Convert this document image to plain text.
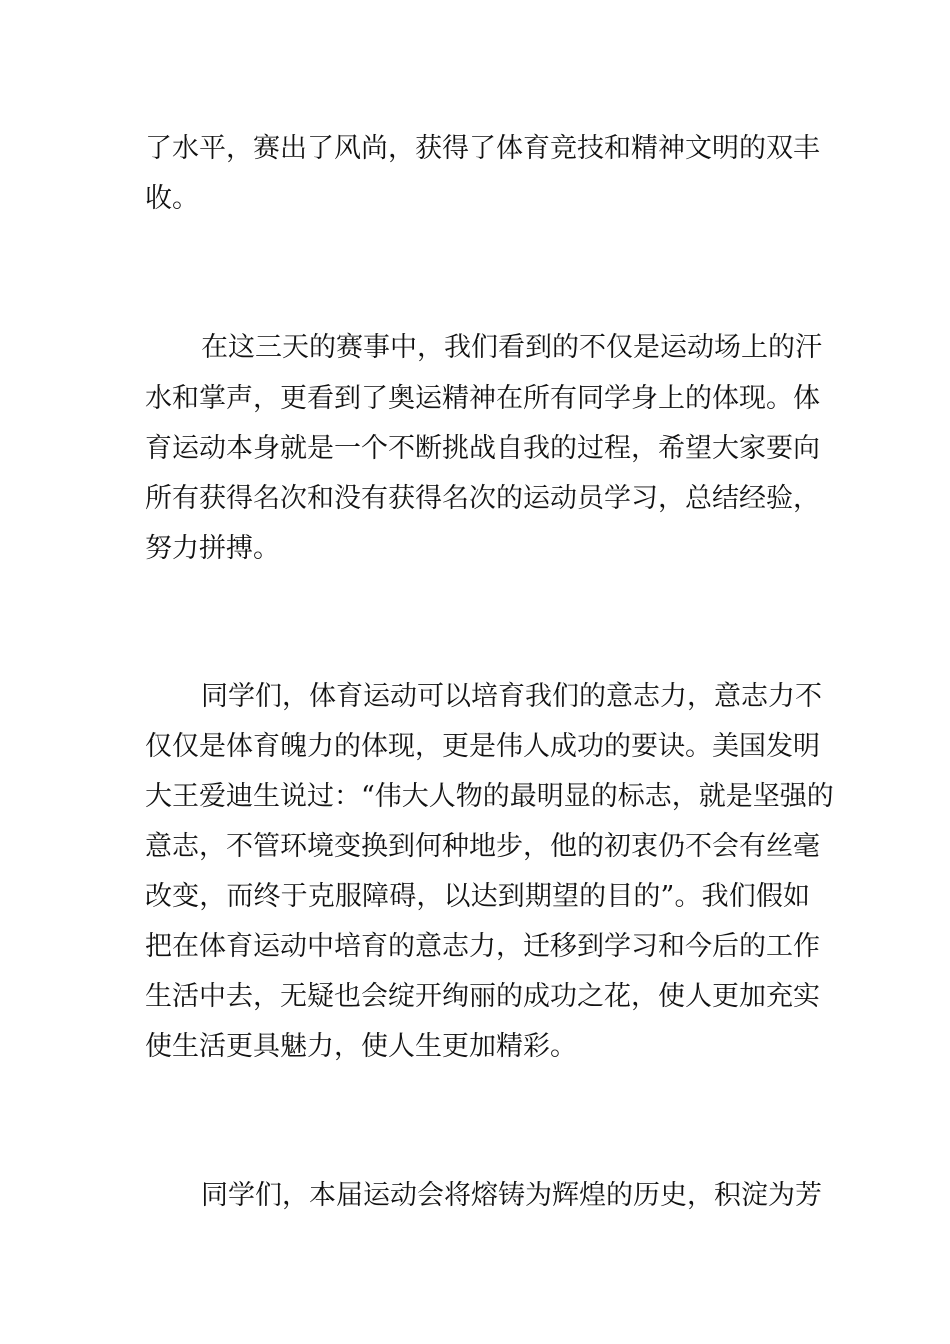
了水平，赛出了风尚，获得了体育竞技和精神文明的双丰

收。

在这三天的赛事中，我们看到的不仅是运动场上的汗

水和掌声，更看到了奥运精神在所有同学身上的体现。体

育运动本身就是一个不断挑战自我的过程，希望大家要向

所有获得名次和没有获得名次的运动员学习，总结经验，

努力拼搏。

同学们，体育运动可以培育我们的意志力，意志力不

仅仅是体育魄力的体现，更是伟人成功的要诀。美国发明

大王爱迪生说过：“伟大人物的最明显的标志，就是坚强的

意志，不管环境变换到何种地步，他的初衷仍不会有丝毫

改变，而终于克服障碍，以达到期望的目的”。我们假如

把在体育运动中培育的意志力，迁移到学习和今后的工作

生活中去，无疑也会绽开绚丽的成功之花，使人更加充实

使生活更具魅力，使人生更加精彩。

同学们，本届运动会将熔铸为辉煌的历史，积淀为芳
